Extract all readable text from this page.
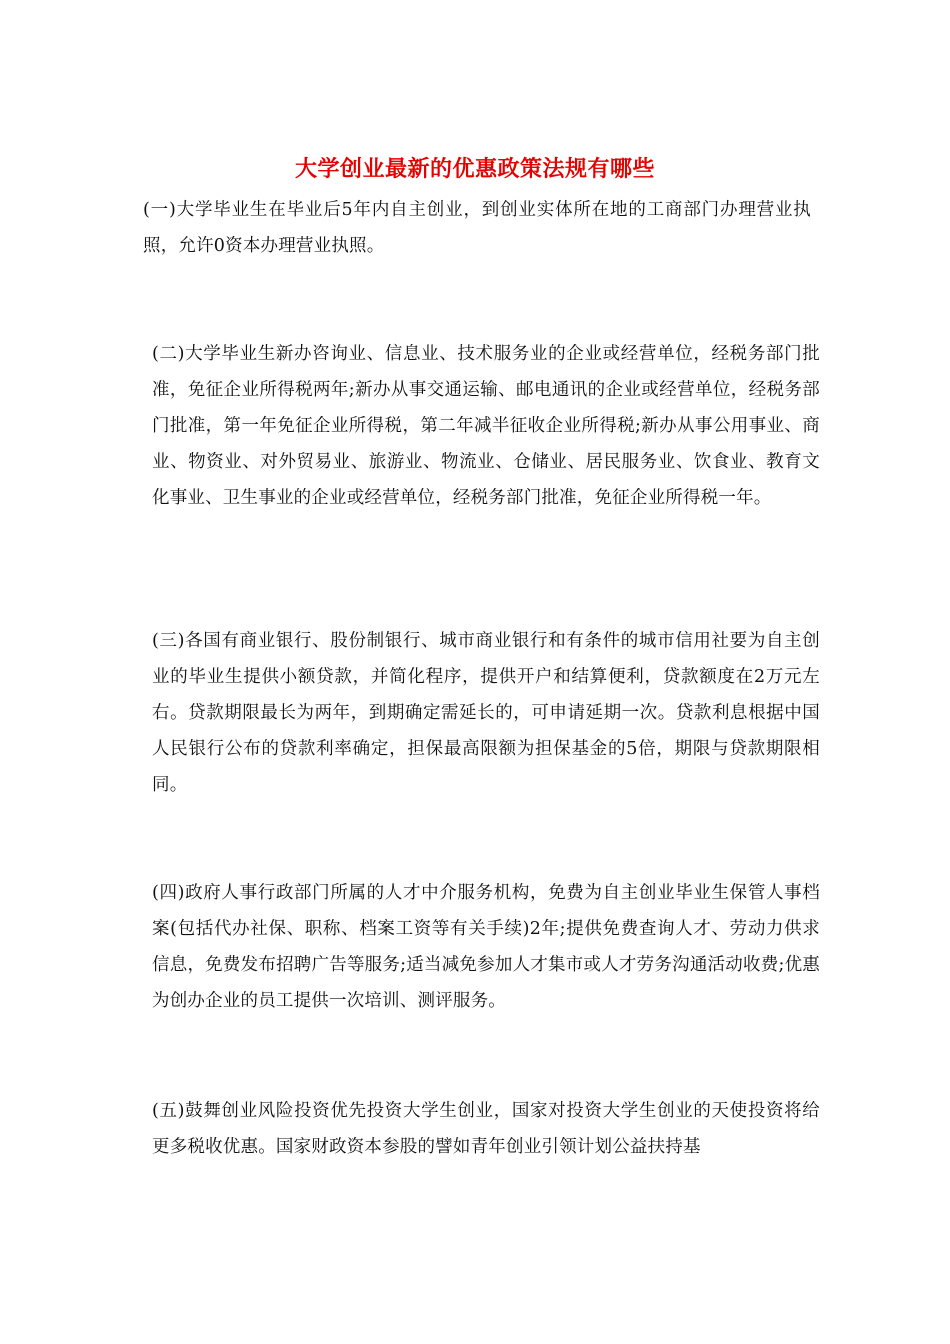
大学创业最新的优惠政策法规有哪些

(一)大学毕业生在毕业后5年内自主创业，到创业实体所在地的工商部门办理营业执照，允许0资本办理营业执照。

(二)大学毕业生新办咨询业、信息业、技术服务业的企业或经营单位，经税务部门批准，免征企业所得税两年;新办从事交通运输、邮电通讯的企业或经营单位，经税务部门批准，第一年免征企业所得税，第二年减半征收企业所得税;新办从事公用事业、商业、物资业、对外贸易业、旅游业、物流业、仓储业、居民服务业、饮食业、教育文化事业、卫生事业的企业或经营单位，经税务部门批准，免征企业所得税一年。

(三)各国有商业银行、股份制银行、城市商业银行和有条件的城市信用社要为自主创业的毕业生提供小额贷款，并简化程序，提供开户和结算便利，贷款额度在2万元左右。贷款期限最长为两年，到期确定需延长的，可申请延期一次。贷款利息根据中国人民银行公布的贷款利率确定，担保最高限额为担保基金的5倍，期限与贷款期限相同。

(四)政府人事行政部门所属的人才中介服务机构，免费为自主创业毕业生保管人事档案(包括代办社保、职称、档案工资等有关手续)2年;提供免费查询人才、劳动力供求信息，免费发布招聘广告等服务;适当减免参加人才集市或人才劳务沟通活动收费;优惠为创办企业的员工提供一次培训、测评服务。

(五)鼓舞创业风险投资优先投资大学生创业，国家对投资大学生创业的天使投资将给更多税收优惠。国家财政资本参股的譬如青年创业引领计划公益扶持基
